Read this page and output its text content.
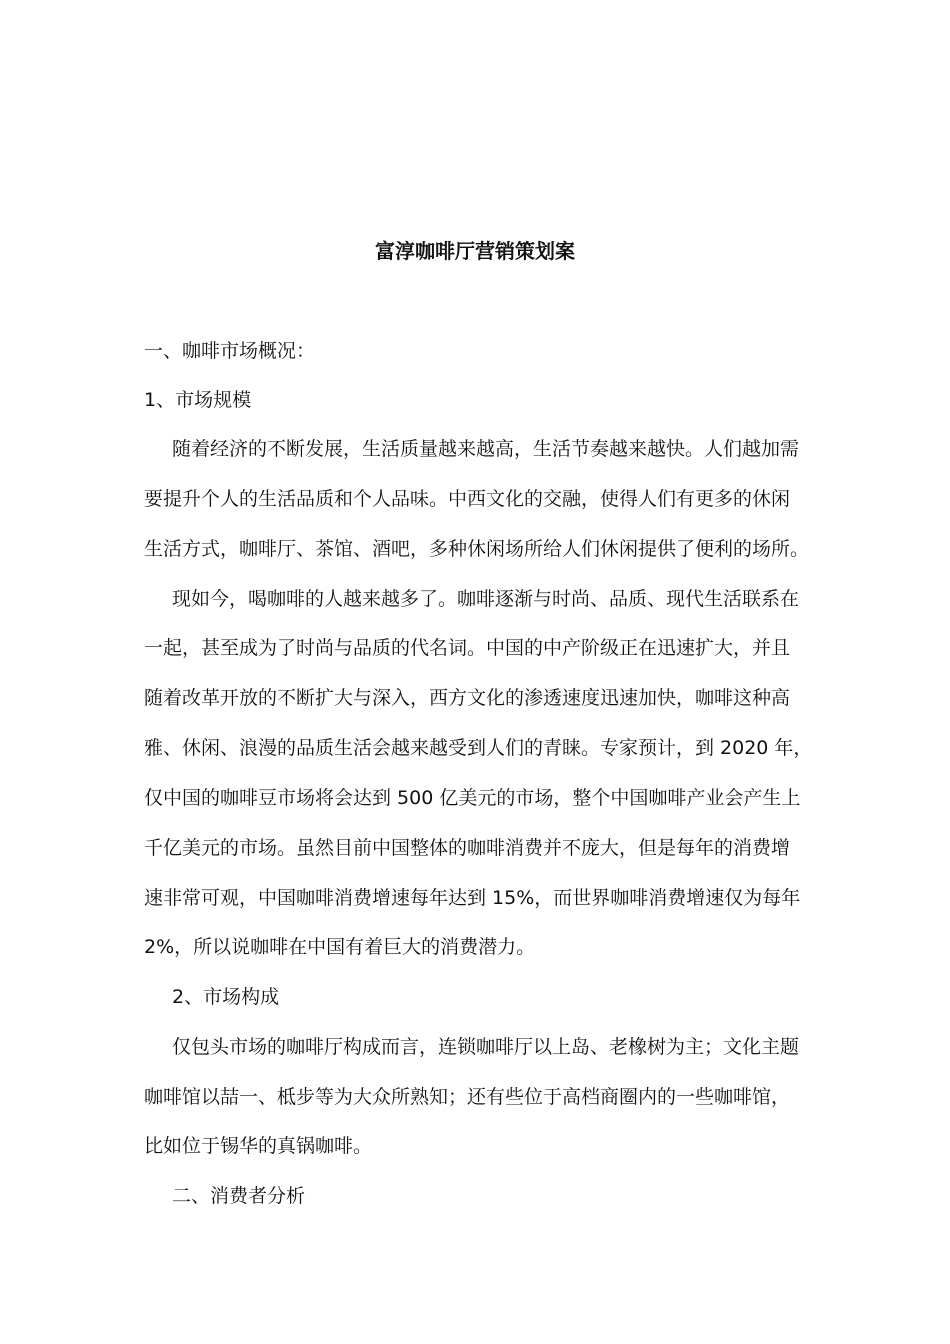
富淳咖啡厅营销策划案
一、咖啡市场概况：
1、市场规模
随着经济的不断发展，生活质量越来越高，生活节奏越来越快。人们越加需
要提升个人的生活品质和个人品味。中西文化的交融，使得人们有更多的休闲
生活方式，咖啡厅、茶馆、酒吧，多种休闲场所给人们休闲提供了便利的场所。
现如今，喝咖啡的人越来越多了。咖啡逐渐与时尚、品质、现代生活联系在
一起，甚至成为了时尚与品质的代名词。中国的中产阶级正在迅速扩大，并且
随着改革开放的不断扩大与深入，西方文化的渗透速度迅速加快，咖啡这种高
雅、休闲、浪漫的品质生活会越来越受到人们的青睐。专家预计，到 2020 年，
仅中国的咖啡豆市场将会达到 500 亿美元的市场，整个中国咖啡产业会产生上
千亿美元的市场。虽然目前中国整体的咖啡消费并不庞大，但是每年的消费增
速非常可观，中国咖啡消费增速每年达到 15%，而世界咖啡消费增速仅为每年
2%，所以说咖啡在中国有着巨大的消费潜力。
2、市场构成
仅包头市场的咖啡厅构成而言，连锁咖啡厅以上岛、老橡树为主；文化主题
咖啡馆以喆一、柢步等为大众所熟知；还有些位于高档商圈内的一些咖啡馆，
比如位于锡华的真锅咖啡。
二、消费者分析
